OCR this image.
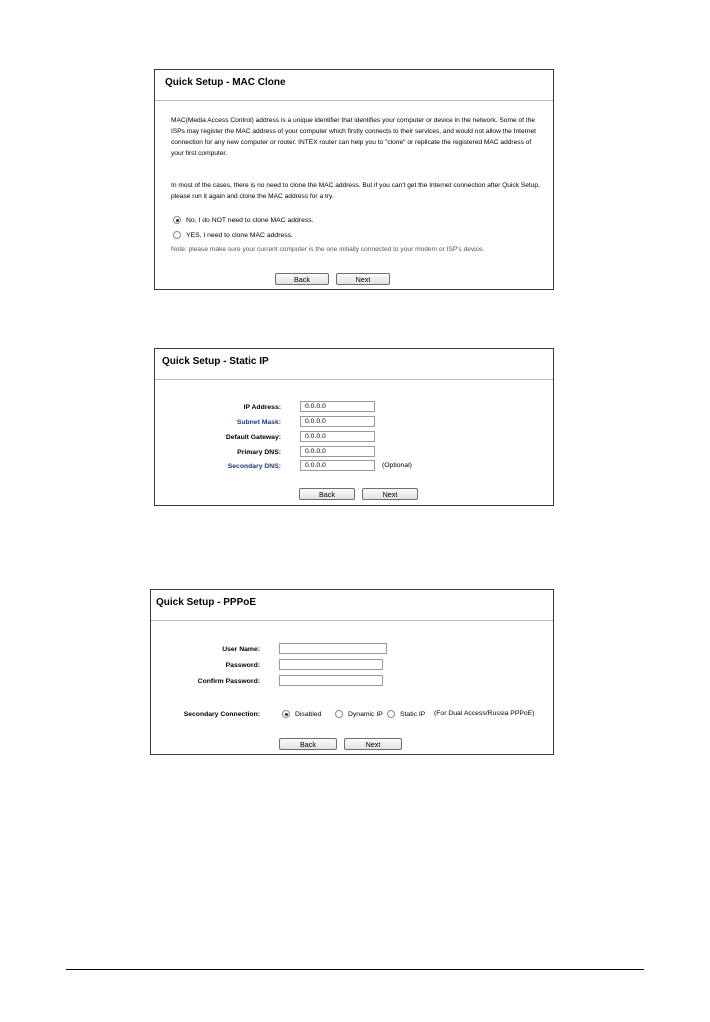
Quick Setup - MAC Clone
MAC(Media Access Control) address is a unique identifier that identifies your computer or device in the network. Some of the
ISPs may register the MAC address of your computer which firstly connects to their services, and would not allow the Internet
connection for any new computer or router. INTEX router can help you to "clone" or replicate the registered MAC address of
your first computer.
In most of the cases, there is no need to clone the MAC address. But if you can't get the Internet connection after Quick Setup,
please run it again and clone the MAC address for a try.
No, I do NOT need to clone MAC address.
YES, I need to clone MAC address.
Note: please make sure your current computer is the one initially connected to your modem or ISP's device.
Back	Next
Quick Setup - Static IP
IP Address:	0.0.0.0
Subnet Mask:	0.0.0.0
Default Gateway:	0.0.0.0
Primary DNS:	0.0.0.0
Secondary DNS:	0.0.0.0	(Optional)
Back	Next
Quick Setup - PPPoE
User Name:
Password:
Confirm Password:
Secondary Connection:	Disabled	Dynamic IP	Static IP (For Dual Access/Russia PPPoE)
Back	Next
